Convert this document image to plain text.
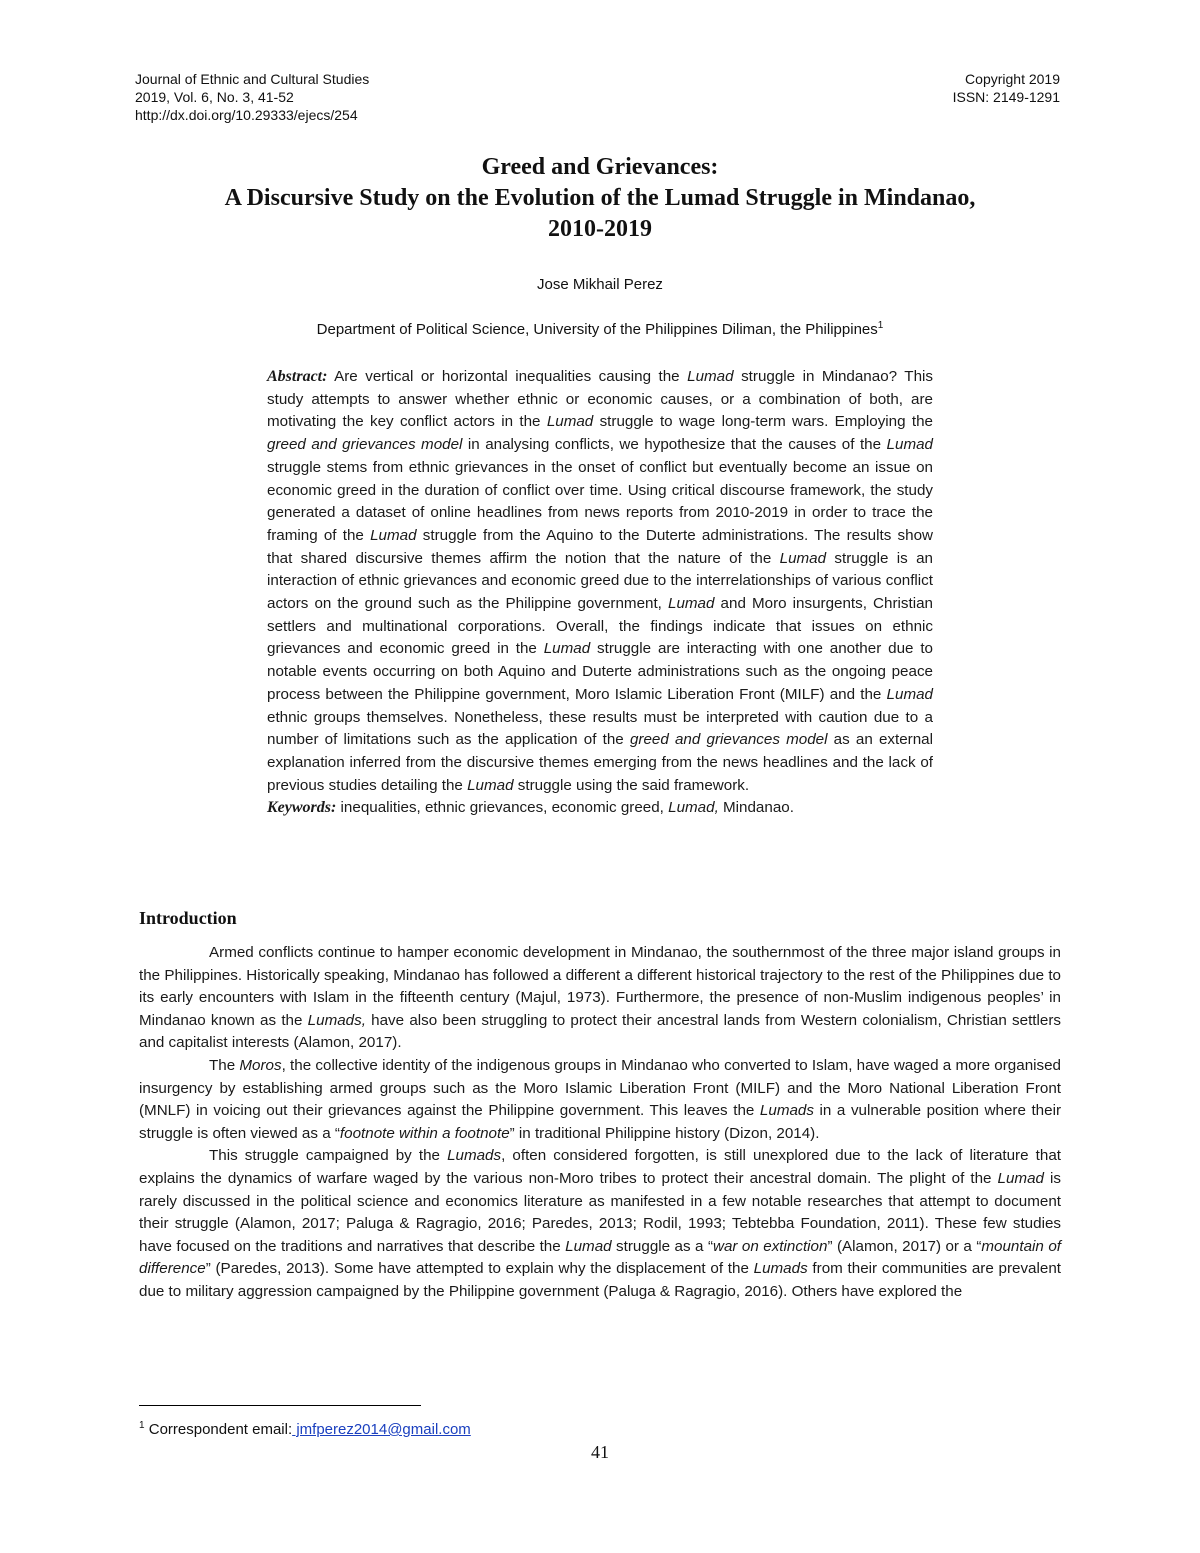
Journal of Ethnic and Cultural Studies
2019, Vol. 6, No. 3, 41-52
http://dx.doi.org/10.29333/ejecs/254
Copyright 2019
ISSN: 2149-1291
Greed and Grievances:
A Discursive Study on the Evolution of the Lumad Struggle in Mindanao,
2010-2019
Jose Mikhail Perez
Department of Political Science, University of the Philippines Diliman, the Philippines$^1$

Abstract: Are vertical or horizontal inequalities causing the Lumad struggle in Mindanao? This study attempts to answer whether ethnic or economic causes, or a combination of both, are motivating the key conflict actors in the Lumad struggle to wage long-term wars. Employing the greed and grievances model in analysing conflicts, we hypothesize that the causes of the Lumad struggle stems from ethnic grievances in the onset of conflict but eventually become an issue on economic greed in the duration of conflict over time. Using critical discourse framework, the study generated a dataset of online headlines from news reports from 2010-2019 in order to trace the framing of the Lumad struggle from the Aquino to the Duterte administrations. The results show that shared discursive themes affirm the notion that the nature of the Lumad struggle is an interaction of ethnic grievances and economic greed due to the interrelationships of various conflict actors on the ground such as the Philippine government, Lumad and Moro insurgents, Christian settlers and multinational corporations. Overall, the findings indicate that issues on ethnic grievances and economic greed in the Lumad struggle are interacting with one another due to notable events occurring on both Aquino and Duterte administrations such as the ongoing peace process between the Philippine government, Moro Islamic Liberation Front (MILF) and the Lumad ethnic groups themselves. Nonetheless, these results must be interpreted with caution due to a number of limitations such as the application of the greed and grievances model as an external explanation inferred from the discursive themes emerging from the news headlines and the lack of previous studies detailing the Lumad struggle using the said framework.

Keywords: inequalities, ethnic grievances, economic greed, Lumad, Mindanao.

Introduction

Armed conflicts continue to hamper economic development in Mindanao, the southernmost of the three major island groups in the Philippines. Historically speaking, Mindanao has followed a different a different historical trajectory to the rest of the Philippines due to its early encounters with Islam in the fifteenth century (Majul, 1973). Furthermore, the presence of non-Muslim indigenous peoples’ in Mindanao known as the Lumads, have also been struggling to protect their ancestral lands from Western colonialism, Christian settlers and capitalist interests (Alamon, 2017).

The Moros, the collective identity of the indigenous groups in Mindanao who converted to Islam, have waged a more organised insurgency by establishing armed groups such as the Moro Islamic Liberation Front (MILF) and the Moro National Liberation Front (MNLF) in voicing out their grievances against the Philippine government. This leaves the Lumads in a vulnerable position where their struggle is often viewed as a “footnote within a footnote” in traditional Philippine history (Dizon, 2014).

This struggle campaigned by the Lumads, often considered forgotten, is still unexplored due to the lack of literature that explains the dynamics of warfare waged by the various non-Moro tribes to protect their ancestral domain. The plight of the Lumad is rarely discussed in the political science and economics literature as manifested in a few notable researches that attempt to document their struggle (Alamon, 2017; Paluga & Ragragio, 2016; Paredes, 2013; Rodil, 1993; Tebtebba Foundation, 2011). These few studies have focused on the traditions and narratives that describe the Lumad struggle as a “war on extinction” (Alamon, 2017) or a “mountain of difference” (Paredes, 2013). Some have attempted to explain why the displacement of the Lumads from their communities are prevalent due to military aggression campaigned by the Philippine government (Paluga & Ragragio, 2016). Others have explored the

$^1$ Correspondent email: jmfperez2014@gmail.com
41
